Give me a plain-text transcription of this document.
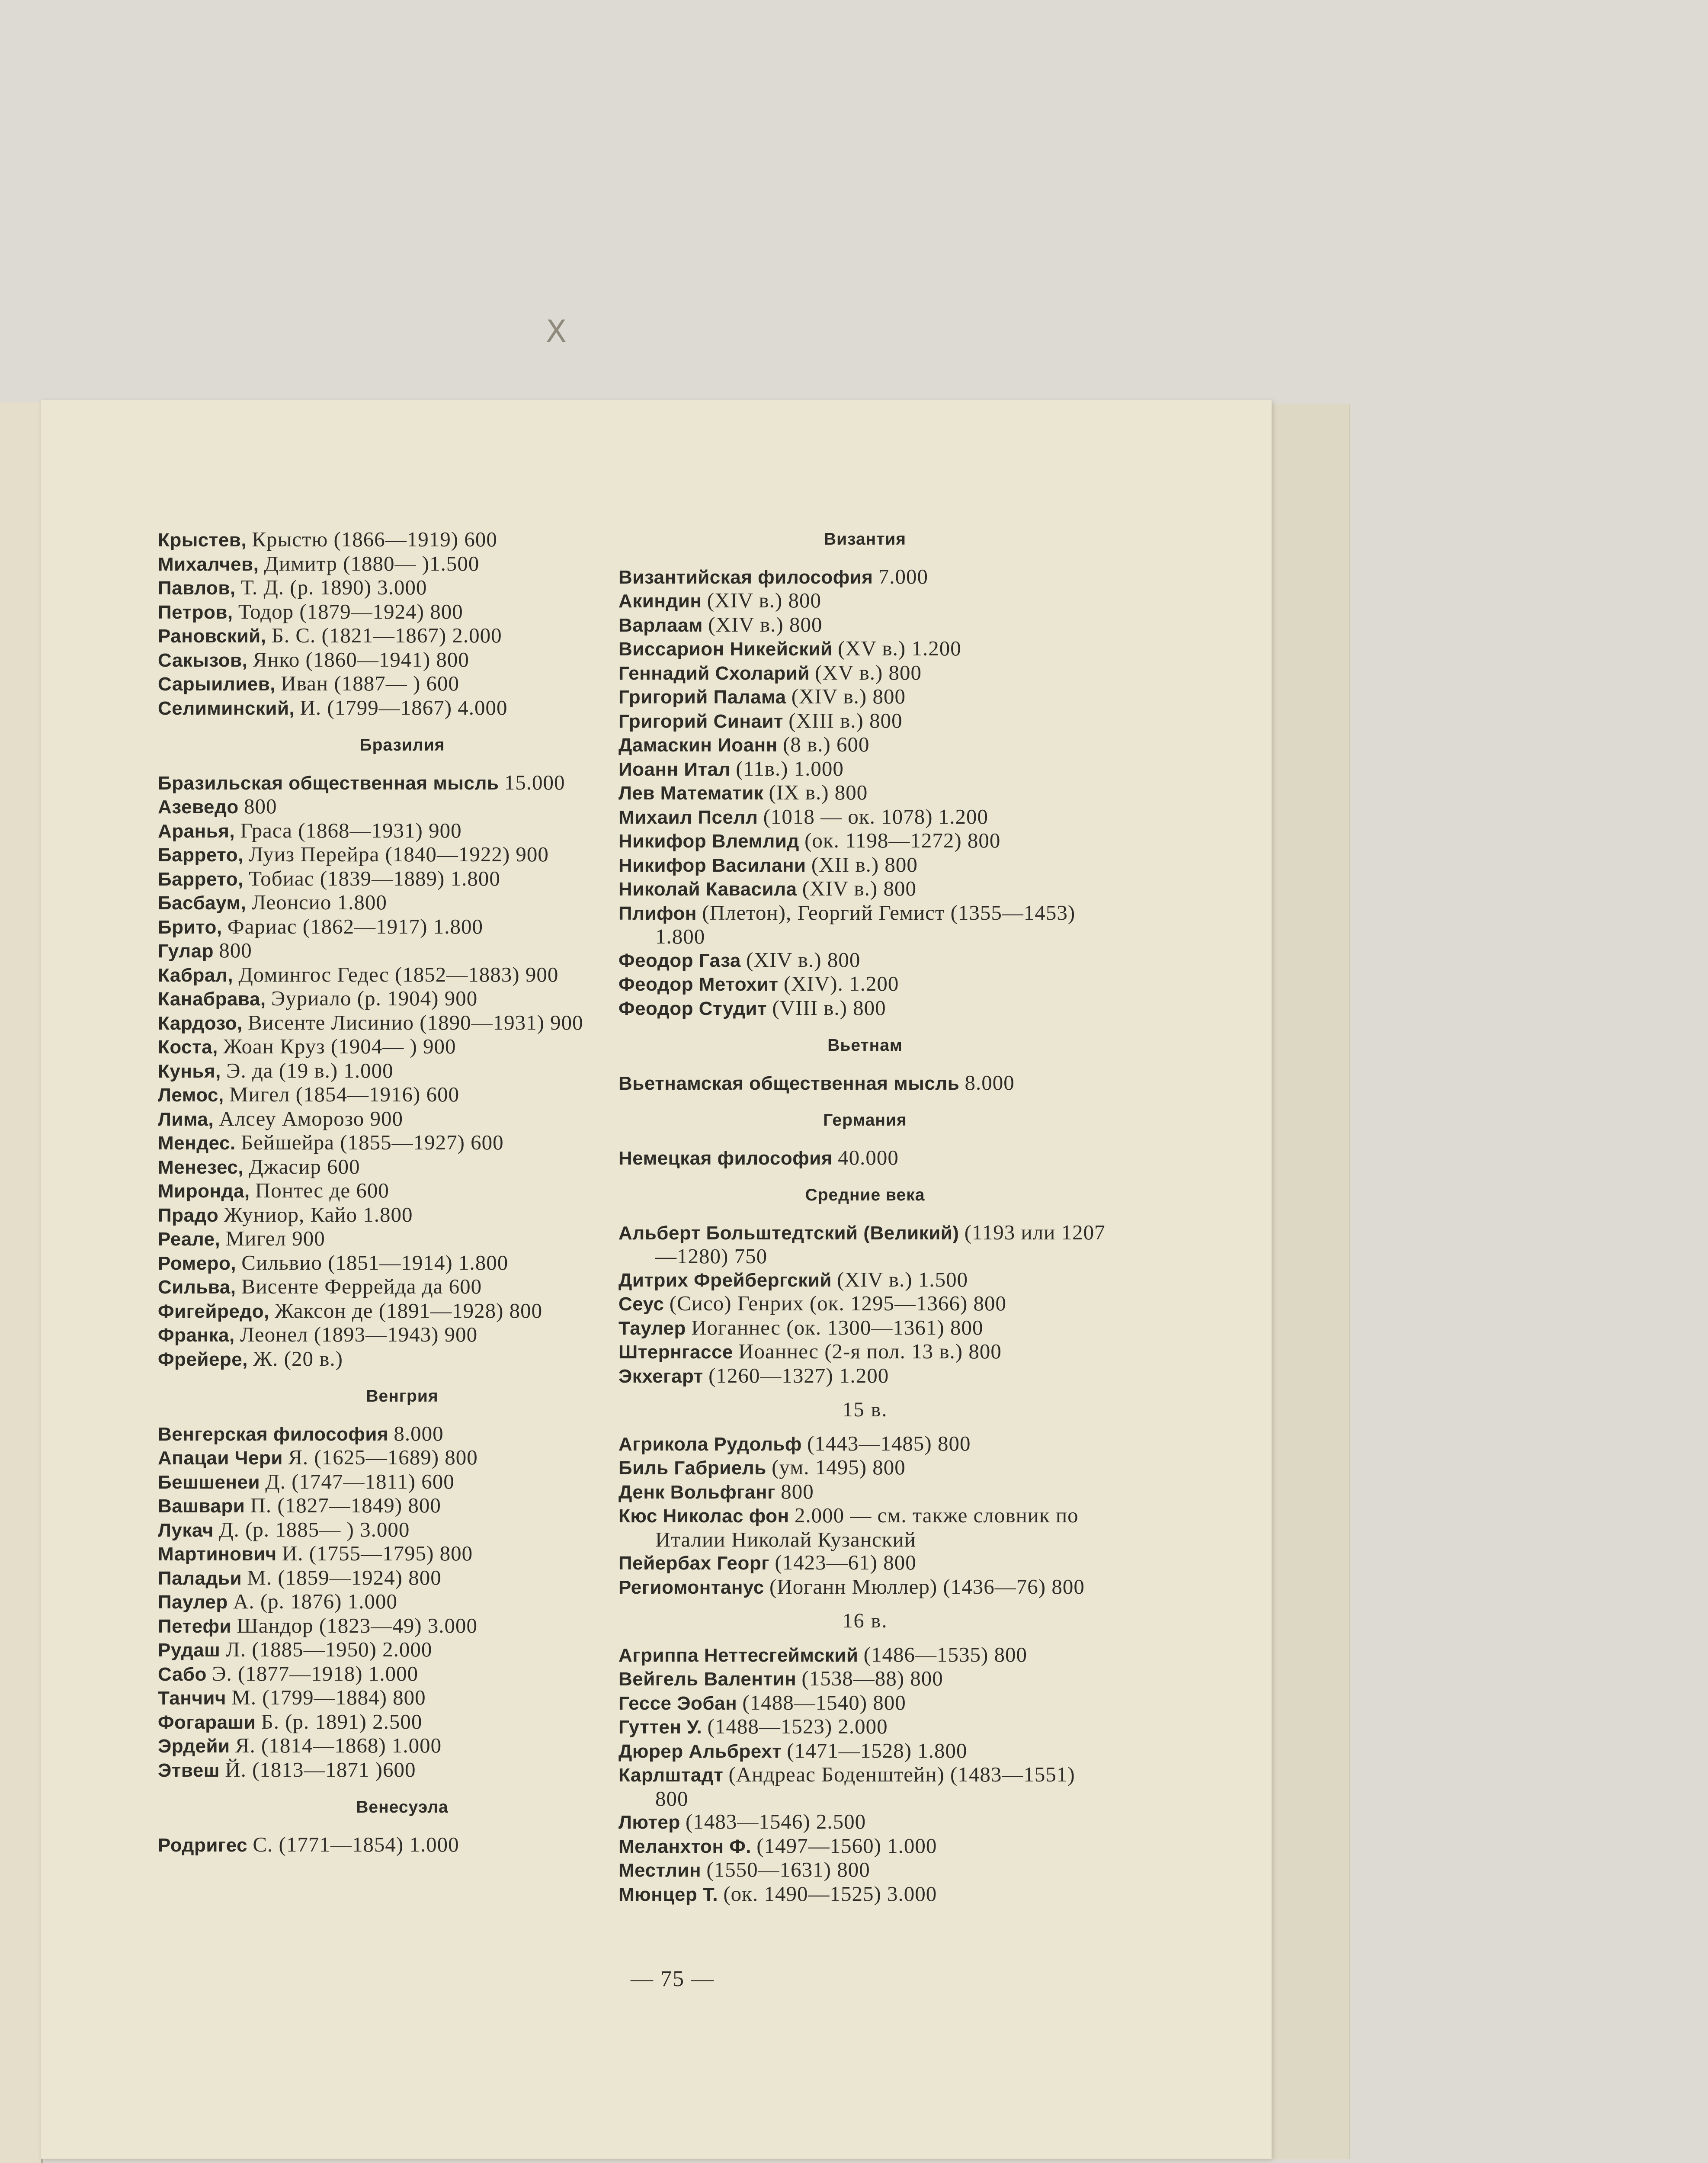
Крыстев, Крыстю (1866—1919) 600
Михалчев, Димитр (1880— )1.500
Павлов, Т. Д. (р. 1890) 3.000
Петров, Тодор (1879—1924) 800
Рановский, Б. С. (1821—1867) 2.000
Сакызов, Янко (1860—1941) 800
Сарыилиев, Иван (1887— ) 600
Селиминский, И. (1799—1867) 4.000
Бразилия
Бразильская общественная мысль 15.000
Азеведо 800
Аранья, Граса (1868—1931) 900
Баррето, Луиз Перейра (1840—1922) 900
Баррето, Тобиас (1839—1889) 1.800
Басбаум, Леонсио 1.800
Брито, Фариас (1862—1917) 1.800
Гулар 800
Кабрал, Домингос Гедес (1852—1883) 900
Канабрава, Эуриало (р. 1904) 900
Кардозо, Висенте Лисинио (1890—1931) 900
Коста, Жоан Круз (1904— ) 900
Кунья, Э. да (19 в.) 1.000
Лемос, Мигел (1854—1916) 600
Лима, Алсеу Аморозо 900
Мендес. Бейшейра (1855—1927) 600
Менезес, Джасир 600
Миронда, Понтес де 600
Прадо Жуниор, Кайо 1.800
Реале, Мигел 900
Ромеро, Сильвио (1851—1914) 1.800
Сильва, Висенте Феррейда да 600
Фигейредо, Жаксон де (1891—1928) 800
Франка, Леонел (1893—1943) 900
Фрейере, Ж. (20 в.)
Венгрия
Венгерская философия 8.000
Апацаи Чери Я. (1625—1689) 800
Бешшенеи Д. (1747—1811) 600
Вашвари П. (1827—1849) 800
Лукач Д. (р. 1885— ) 3.000
Мартинович И. (1755—1795) 800
Паладьи М. (1859—1924) 800
Паулер А. (р. 1876) 1.000
Петефи Шандор (1823—49) 3.000
Рудаш Л. (1885—1950) 2.000
Сабо Э. (1877—1918) 1.000
Танчич М. (1799—1884) 800
Фогараши Б. (р. 1891) 2.500
Эрдейи Я. (1814—1868) 1.000
Этвеш Й. (1813—1871 )600
Венесуэла
Родригес С. (1771—1854) 1.000
Византия
Византийская философия 7.000
Акиндин (XIV в.) 800
Варлаам (XIV в.) 800
Виссарион Никейский (XV в.) 1.200
Геннадий Схоларий (XV в.) 800
Григорий Палама (XIV в.) 800
Григорий Синаит (XIII в.) 800
Дамаскин Иоанн (8 в.) 600
Иоанн Итал (11в.) 1.000
Лев Математик (IX в.) 800
Михаил Пселл (1018 — ок. 1078) 1.200
Никифор Влемлид (ок. 1198—1272) 800
Никифор Василани (XII в.) 800
Николай Кавасила (XIV в.) 800
Плифон (Плетон), Георгий Гемист (1355—1453) 1.800
Феодор Газа (XIV в.) 800
Феодор Метохит (XIV). 1.200
Феодор Студит (VIII в.) 800
Вьетнам
Вьетнамская общественная мысль 8.000
Германия
Немецкая философия 40.000
Средние века
Альберт Больштедтский (Великий) (1193 или 1207—1280) 750
Дитрих Фрейбергский (XIV в.) 1.500
Сеус (Сисо) Генрих (ок. 1295—1366) 800
Таулер Иоганнес (ок. 1300—1361) 800
Штернгассе Иоаннес (2-я пол. 13 в.) 800
Экхегарт (1260—1327) 1.200
15 в.
Агрикола Рудольф (1443—1485) 800
Биль Габриель (ум. 1495) 800
Денк Вольфганг 800
Кюс Николас фон 2.000 — см. также словник по Италии Николай Кузанский
Пейербах Георг (1423—61) 800
Региомонтанус (Иоганн Мюллер) (1436—76) 800
16 в.
Агриппа Неттесгеймский (1486—1535) 800
Вейгель Валентин (1538—88) 800
Гессе Эобан (1488—1540) 800
Гуттен У. (1488—1523) 2.000
Дюрер Альбрехт (1471—1528) 1.800
Карлштадт (Андреас Боденштейн) (1483—1551) 800
Лютер (1483—1546) 2.500
Меланхтон Ф. (1497—1560) 1.000
Местлин (1550—1631) 800
Мюнцер Т. (ок. 1490—1525) 3.000
— 75 —
X
